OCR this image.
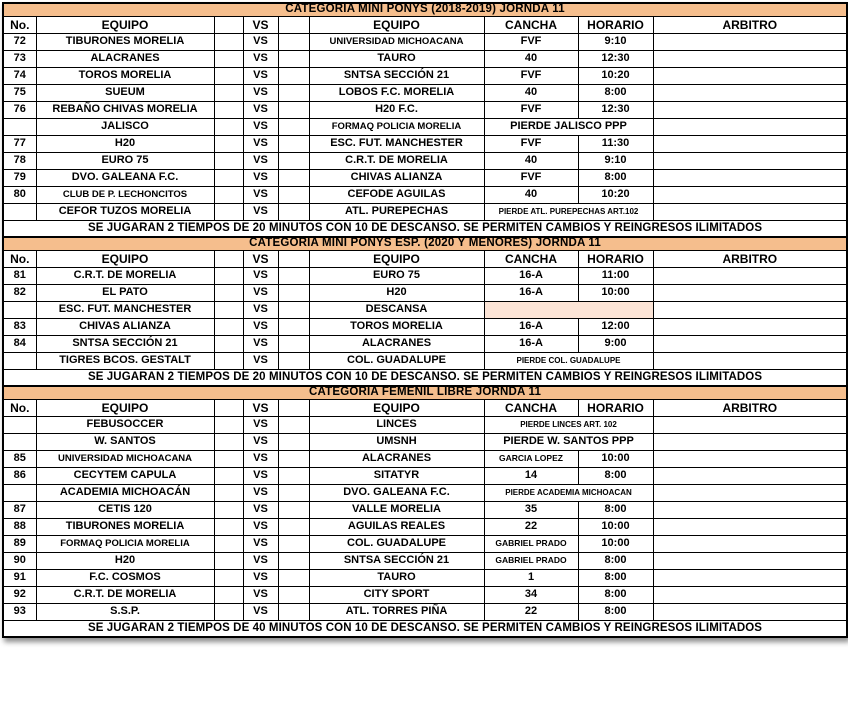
CATEGORIA MINI PONYS (2018-2019) JORNDA 11								
No.	EQUIPO		VS		EQUIPO	CANCHA	HORARIO	ARBITRO
72	TIBURONES MORELIA		VS		UNIVERSIDAD MICHOACANA	FVF	9:10	
73	ALACRANES		VS		TAURO	40	12:30	
74	TOROS MORELIA		VS		SNTSA SECCIÓN 21	FVF	10:20	
75	SUEUM		VS		LOBOS F.C. MORELIA	40	8:00	
76	REBAÑO CHIVAS MORELIA		VS		H20 F.C.	FVF	12:30	
	JALISCO		VS		FORMAQ POLICIA MORELIA	PIERDE JALISCO PPP		
77	H20		VS		ESC. FUT. MANCHESTER	FVF	11:30	
78	EURO 75		VS		C.R.T. DE MORELIA	40	9:10	
79	DVO. GALEANA F.C.		VS		CHIVAS ALIANZA	FVF	8:00	
80	CLUB DE P. LECHONCITOS		VS		CEFODE AGUILAS	40	10:20	
	CEFOR TUZOS MORELIA		VS		ATL. PUREPECHAS	PIERDE ATL. PUREPECHAS ART.102		
SE JUGARAN 2 TIEMPOS DE 20 MINUTOS CON 10 DE DESCANSO. SE PERMITEN CAMBIOS Y REINGRESOS ILIMITADOS								
CATEGORIA MINI PONYS ESP. (2020 Y MENORES) JORNDA 11								
No.	EQUIPO		VS		EQUIPO	CANCHA	HORARIO	ARBITRO
81	C.R.T. DE MORELIA		VS		EURO 75	16-A	11:00	
82	EL PATO		VS		H20	16-A	10:00	
	ESC. FUT. MANCHESTER		VS		DESCANSA			
83	CHIVAS ALIANZA		VS		TOROS MORELIA	16-A	12:00	
84	SNTSA SECCIÓN 21		VS		ALACRANES	16-A	9:00	
	TIGRES BCOS. GESTALT		VS		COL. GUADALUPE	PIERDE COL. GUADALUPE		
SE JUGARAN 2 TIEMPOS DE 20 MINUTOS CON 10 DE DESCANSO. SE PERMITEN CAMBIOS Y REINGRESOS ILIMITADOS								
CATEGORIA FEMENIL LIBRE JORNDA 11								
No.	EQUIPO		VS		EQUIPO	CANCHA	HORARIO	ARBITRO
	FEBUSOCCER		VS		LINCES	PIERDE LINCES ART. 102		
	W. SANTOS		VS		UMSNH	PIERDE W. SANTOS PPP		
85	UNIVERSIDAD MICHOACANA		VS		ALACRANES	GARCIA LOPEZ	10:00	
86	CECYTEM CAPULA		VS		SITATYR	14	8:00	
	ACADEMIA MICHOACÁN		VS		DVO. GALEANA F.C.	PIERDE ACADEMIA MICHOACAN		
87	CETIS 120		VS		VALLE MORELIA	35	8:00	
88	TIBURONES MORELIA		VS		AGUILAS REALES	22	10:00	
89	FORMAQ POLICIA MORELIA		VS		COL. GUADALUPE	GABRIEL PRADO	10:00	
90	H20		VS		SNTSA SECCIÓN 21	GABRIEL PRADO	8:00	
91	F.C. COSMOS		VS		TAURO	1	8:00	
92	C.R.T. DE MORELIA		VS		CITY SPORT	34	8:00	
93	S.S.P.		VS		ATL. TORRES PIÑA	22	8:00	
SE JUGARAN 2 TIEMPOS DE 40 MINUTOS CON 10 DE DESCANSO. SE PERMITEN CAMBIOS Y REINGRESOS ILIMITADOS								
